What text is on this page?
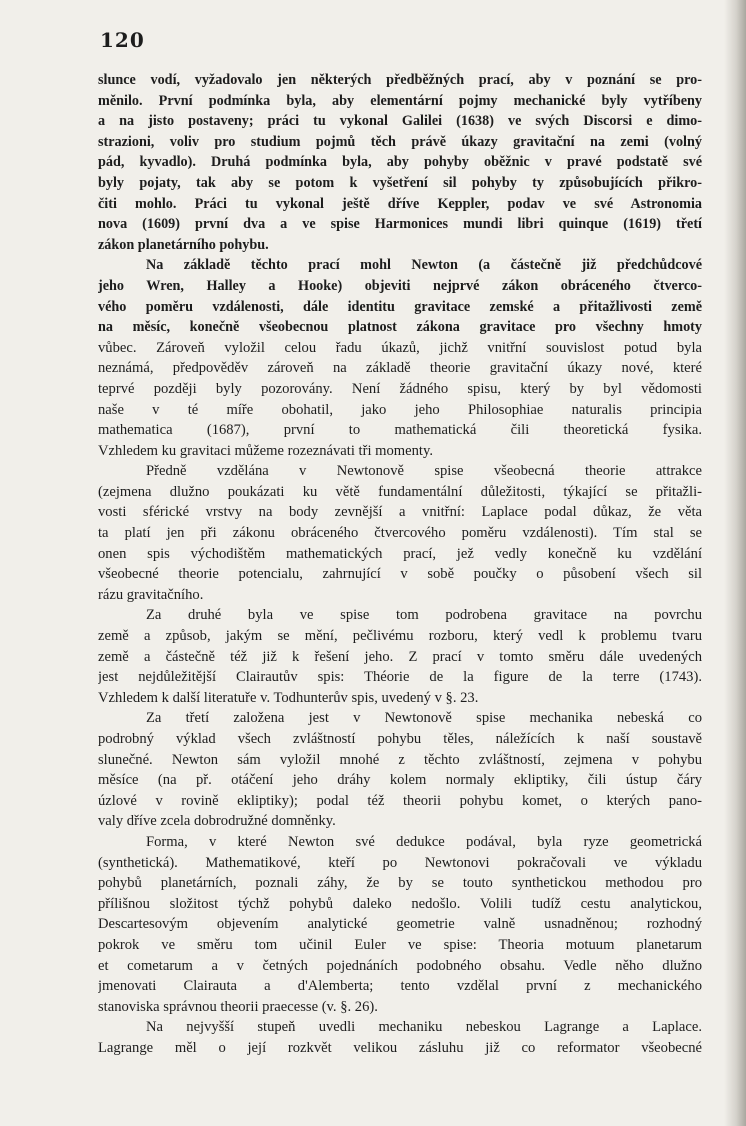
120
slunce vodí, vyžadovalo jen některých předběžných prací, aby v poznání se pro-
měnilo. První podmínka byla, aby elementární pojmy mechanické byly vytříbeny
a na jisto postaveny; práci tu vykonal Galilei (1638) ve svých Discorsi e dimo-
strazioni, voliv pro studium pojmů těch právě úkazy gravitační na zemi (volný
pád, kyvadlo). Druhá podmínka byla, aby pohyby oběžnic v pravé podstatě své
byly pojaty, tak aby se potom k vyšetření sil pohyby ty způsobujících přikro-
čiti mohlo. Práci tu vykonal ještě dříve Keppler, podav ve své Astronomia
nova (1609) první dva a ve spise Harmonices mundi libri quinque (1619) třetí
zákon planetárního pohybu.
Na základě těchto prací mohl Newton (a částečně již předchůdcové
jeho Wren, Halley a Hooke) objeviti nejprvé zákon obráceného čtverco-
vého poměru vzdálenosti, dále identitu gravitace zemské a přitažlivosti země
na měsíc, konečně všeobecnou platnost zákona gravitace pro všechny hmoty
vůbec. Zároveň vyložil celou řadu úkazů, jichž vnitřní souvislost potud byla
neznámá, předpověděv zároveň na základě theorie gravitační úkazy nové, které
teprvé později byly pozorovány. Není žádného spisu, který by byl vědomosti
naše v té míře obohatil, jako jeho Philosophiae naturalis principia
mathematica (1687), první to mathematická čili theoretická fysika.
Vzhledem ku gravitaci můžeme rozeznávati tři momenty.
Předně vzdělána v Newtonově spise všeobecná theorie attrakce
(zejmena dlužno poukázati ku větě fundamentální důležitosti, týkající se přitažli-
vosti sférické vrstvy na body zevnější a vnitřní: Laplace podal důkaz, že věta
ta platí jen při zákonu obráceného čtvercového poměru vzdálenosti). Tím stal se
onen spis východištěm mathematických prací, jež vedly konečně ku vzdělání
všeobecné theorie potencialu, zahrnující v sobě poučky o působení všech sil
rázu gravitačního.
Za druhé byla ve spise tom podrobena gravitace na povrchu
země a způsob, jakým se mění, pečlivému rozboru, který vedl k problemu tvaru
země a částečně též již k řešení jeho. Z prací v tomto směru dále uvedených
jest nejdůležitější Clairautův spis: Théorie de la figure de la terre (1743).
Vzhledem k další literatuře v. Todhunterův spis, uvedený v §. 23.
Za třetí založena jest v Newtonově spise mechanika nebeská co
podrobný výklad všech zvláštností pohybu těles, náležících k naší soustavě
slunečné. Newton sám vyložil mnohé z těchto zvláštností, zejmena v pohybu
měsíce (na př. otáčení jeho dráhy kolem normaly ekliptiky, čili ústup čáry
úzlové v rovině ekliptiky); podal též theorii pohybu komet, o kterých pano-
valy dříve zcela dobrodružné domněnky.
Forma, v které Newton své dedukce podával, byla ryze geometrická
(synthetická). Mathematikové, kteří po Newtonovi pokračovali ve výkladu
pohybů planetárních, poznali záhy, že by se touto synthetickou methodou pro
přílišnou složitost týchž pohybů daleko nedošlo. Volili tudíž cestu analytickou,
Descartesovým objevením analytické geometrie valně usnadněnou; rozhodný
pokrok ve směru tom učinil Euler ve spise: Theoria motuum planetarum
et cometarum a v četných pojednáních podobného obsahu. Vedle něho dlužno
jmenovati Clairauta a d'Alemberta; tento vzdělal první z mechanického
stanoviska správnou theorii praecesse (v. §. 26).
Na nejvyšší stupeň uvedli mechaniku nebeskou Lagrange a Laplace.
Lagrange měl o její rozkvět velikou zásluhu již co reformator všeobecné
